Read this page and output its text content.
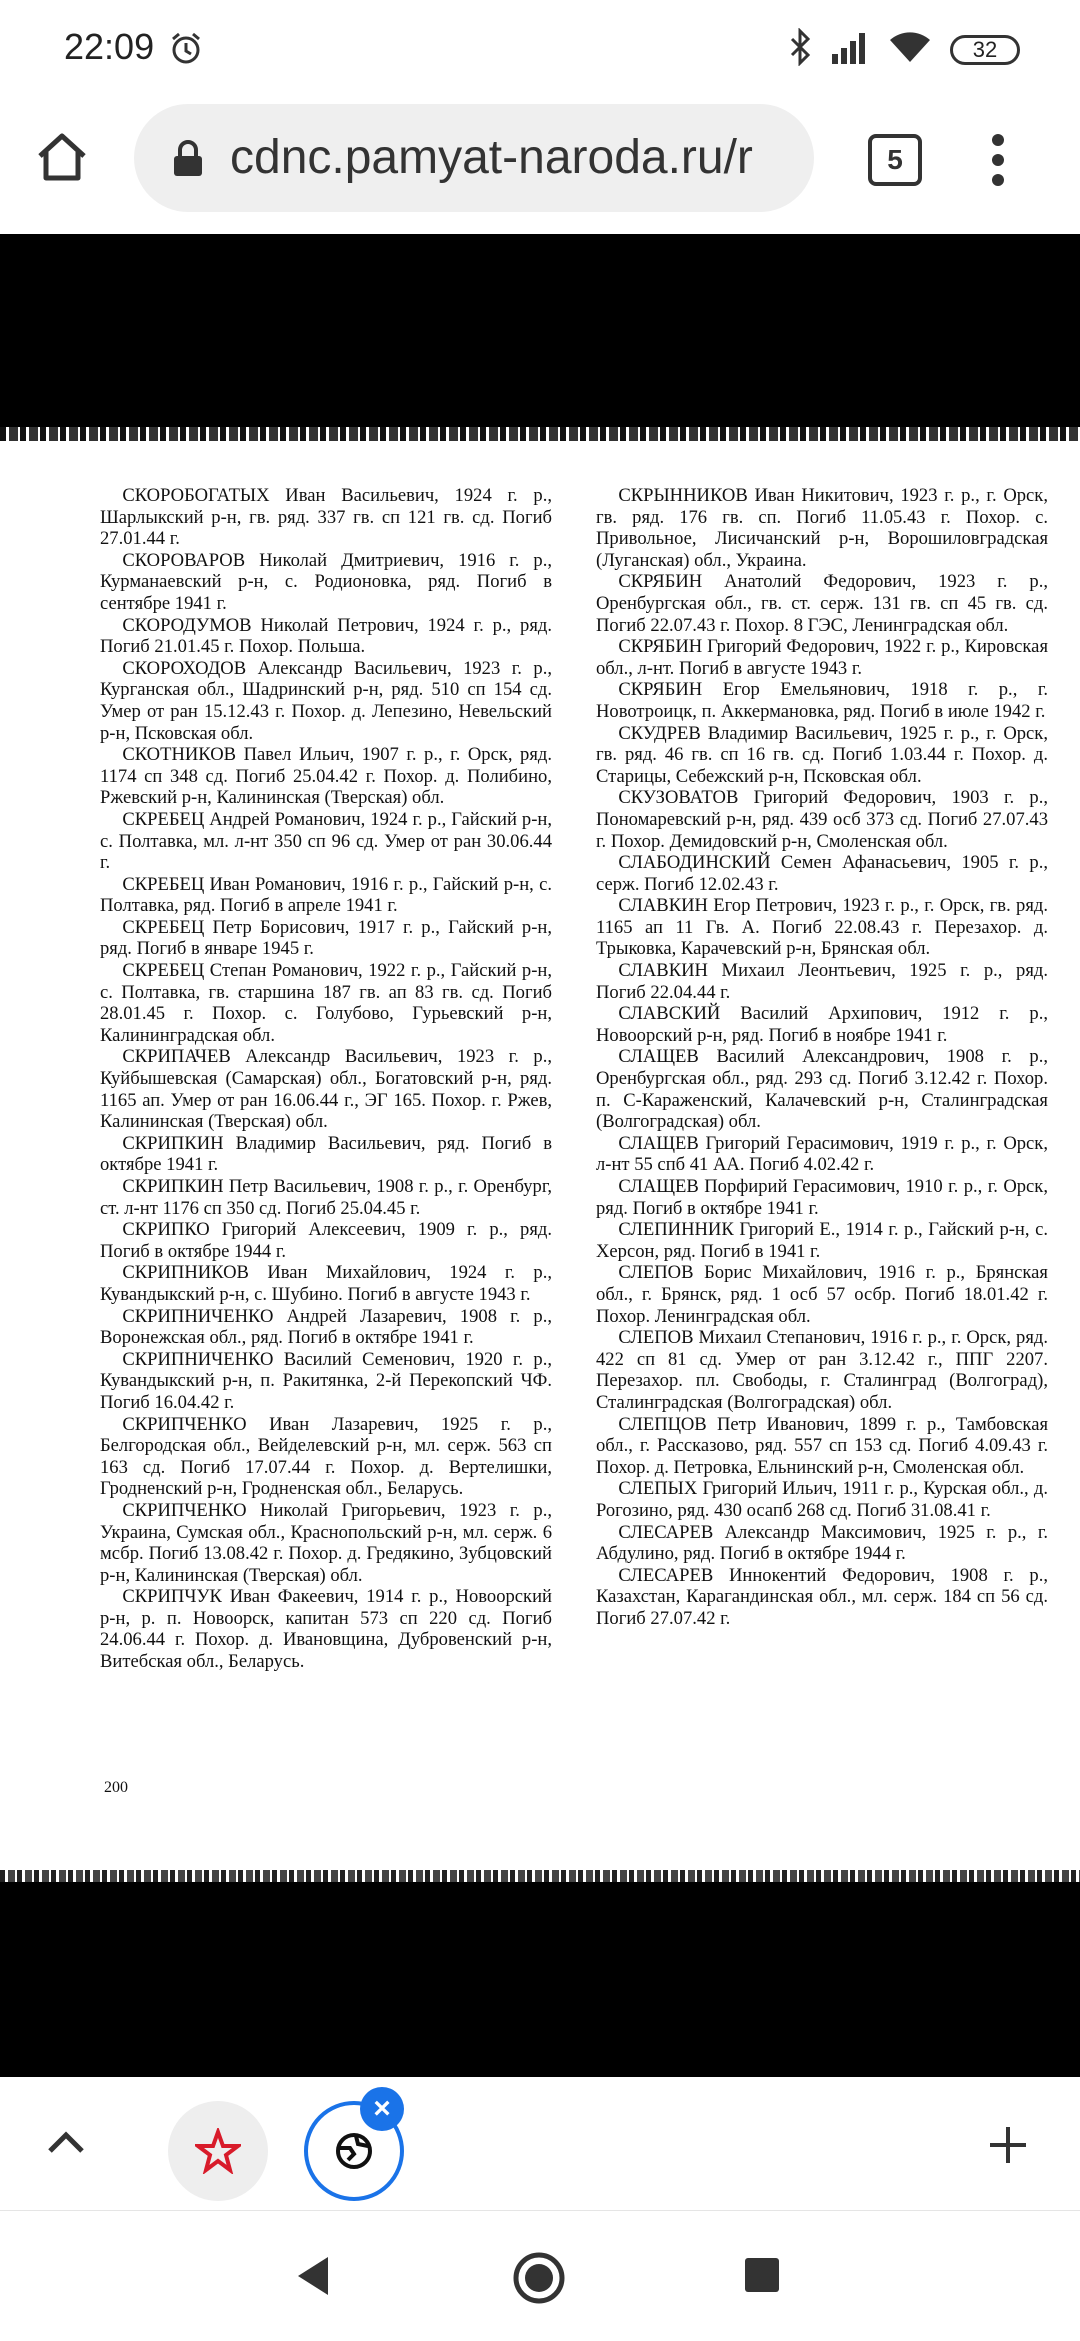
22:09	32
cdnc.pamyat-naroda.ru/r	5

СКОРОБОГАТЫХ Иван Васильевич, 1924 г. р., Шарлыкский р-н, гв. ряд. 337 гв. сп 121 гв. сд. Погиб 27.01.44 г.

СКОРОВАРОВ Николай Дмитриевич, 1916 г. р., Курманаевский р-н, с. Родионовка, ряд. Погиб в сентябре 1941 г.

СКОРОДУМОВ Николай Петрович, 1924 г. р., ряд. Погиб 21.01.45 г. Похор. Польша.

СКОРОХОДОВ Александр Васильевич, 1923 г. р., Курганская обл., Шадринский р-н, ряд. 510 сп 154 сд. Умер от ран 15.12.43 г. Похор. д. Лепезино, Невельский р-н, Псковская обл.

СКОТНИКОВ Павел Ильич, 1907 г. р., г. Орск, ряд. 1174 сп 348 сд. Погиб 25.04.42 г. Похор. д. Полибино, Ржевский р-н, Калининская (Тверская) обл.

СКРЕБЕЦ Андрей Романович, 1924 г. р., Гайский р-н, с. Полтавка, мл. л-нт 350 сп 96 сд. Умер от ран 30.06.44 г.

СКРЕБЕЦ Иван Романович, 1916 г. р., Гайский р-н, с. Полтавка, ряд. Погиб в апреле 1941 г.

СКРЕБЕЦ Петр Борисович, 1917 г. р., Гайский р-н, ряд. Погиб в январе 1945 г.

СКРЕБЕЦ Степан Романович, 1922 г. р., Гайский р-н, с. Полтавка, гв. старшина 187 гв. ап 83 гв. сд. Погиб 28.01.45 г. Похор. с. Голубово, Гурьевский р-н, Калининградская обл.

СКРИПАЧЕВ Александр Васильевич, 1923 г. р., Куйбышевская (Самарская) обл., Богатовский р-н, ряд. 1165 ап. Умер от ран 16.06.44 г., ЭГ 165. Похор. г. Ржев, Калининская (Тверская) обл.

СКРИПКИН Владимир Васильевич, ряд. Погиб в октябре 1941 г.

СКРИПКИН Петр Васильевич, 1908 г. р., г. Оренбург, ст. л-нт 1176 сп 350 сд. Погиб 25.04.45 г.

СКРИПКО Григорий Алексеевич, 1909 г. р., ряд. Погиб в октябре 1944 г.

СКРИПНИКОВ Иван Михайлович, 1924 г. р., Кувандыкский р-н, с. Шубино. Погиб в августе 1943 г.

СКРИПНИЧЕНКО Андрей Лазаревич, 1908 г. р., Воронежская обл., ряд. Погиб в октябре 1941 г.

СКРИПНИЧЕНКО Василий Семенович, 1920 г. р., Кувандыкский р-н, п. Ракитянка, 2-й Перекопский ЧФ. Погиб 16.04.42 г.

СКРИПЧЕНКО Иван Лазаревич, 1925 г. р., Белгородская обл., Вейделевский р-н, мл. серж. 563 сп 163 сд. Погиб 17.07.44 г. Похор. д. Вертелишки, Гродненский р-н, Гродненская обл., Беларусь.

СКРИПЧЕНКО Николай Григорьевич, 1923 г. р., Украина, Сумская обл., Краснопольский р-н, мл. серж. 6 мсбр. Погиб 13.08.42 г. Похор. д. Гредякино, Зубцовский р-н, Калининская (Тверская) обл.

СКРИПЧУК Иван Факеевич, 1914 г. р., Новоорский р-н, р. п. Новоорск, капитан 573 сп 220 сд. Погиб 24.06.44 г. Похор. д. Ивановщина, Дубровенский р-н, Витебская обл., Беларусь.

СКРЫННИКОВ Иван Никитович, 1923 г. р., г. Орск, гв. ряд. 176 гв. сп. Погиб 11.05.43 г. Похор. с. Привольное, Лисичанский р-н, Ворошиловградская (Луганская) обл., Украина.

СКРЯБИН Анатолий Федорович, 1923 г. р., Оренбургская обл., гв. ст. серж. 131 гв. сп 45 гв. сд. Погиб 22.07.43 г. Похор. 8 ГЭС, Ленинградская обл.

СКРЯБИН Григорий Федорович, 1922 г. р., Кировская обл., л-нт. Погиб в августе 1943 г.

СКРЯБИН Егор Емельянович, 1918 г. р., г. Новотроицк, п. Аккермановка, ряд. Погиб в июле 1942 г.

СКУДРЕВ Владимир Васильевич, 1925 г. р., г. Орск, гв. ряд. 46 гв. сп 16 гв. сд. Погиб 1.03.44 г. Похор. д. Старицы, Себежский р-н, Псковская обл.

СКУЗОВАТОВ Григорий Федорович, 1903 г. р., Пономаревский р-н, ряд. 439 осб 373 сд. Погиб 27.07.43 г. Похор. Демидовский р-н, Смоленская обл.

СЛАБОДИНСКИЙ Семен Афанасьевич, 1905 г. р., серж. Погиб 12.02.43 г.

СЛАВКИН Егор Петрович, 1923 г. р., г. Орск, гв. ряд. 1165 ап 11 Гв. А. Погиб 22.08.43 г. Перезахор. д. Трыковка, Карачевский р-н, Брянская обл.

СЛАВКИН Михаил Леонтьевич, 1925 г. р., ряд. Погиб 22.04.44 г.

СЛАВСКИЙ Василий Архипович, 1912 г. р., Новоорский р-н, ряд. Погиб в ноябре 1941 г.

СЛАЩЕВ Василий Александрович, 1908 г. р., Оренбургская обл., ряд. 293 сд. Погиб 3.12.42 г. Похор. п. С-Караженский, Калачевский р-н, Сталинградская (Волгоградская) обл.

СЛАЩЕВ Григорий Герасимович, 1919 г. р., г. Орск, л-нт 55 спб 41 АА. Погиб 4.02.42 г.

СЛАЩЕВ Порфирий Герасимович, 1910 г. р., г. Орск, ряд. Погиб в октябре 1941 г.

СЛЕПИННИК Григорий Е., 1914 г. р., Гайский р-н, с. Херсон, ряд. Погиб в 1941 г.

СЛЕПОВ Борис Михайлович, 1916 г. р., Брянская обл., г. Брянск, ряд. 1 осб 57 осбр. Погиб 18.01.42 г. Похор. Ленинградская обл.

СЛЕПОВ Михаил Степанович, 1916 г. р., г. Орск, ряд. 422 сп 81 сд. Умер от ран 3.12.42 г., ППГ 2207. Перезахор. пл. Свободы, г. Сталинград (Волгоград), Сталинградская (Волгоградская) обл.

СЛЕПЦОВ Петр Иванович, 1899 г. р., Тамбовская обл., г. Рассказово, ряд. 557 сп 153 сд. Погиб 4.09.43 г. Похор. д. Петровка, Ельнинский р-н, Смоленская обл.

СЛЕПЫХ Григорий Ильич, 1911 г. р., Курская обл., д. Рогозино, ряд. 430 осапб 268 сд. Погиб 31.08.41 г.

СЛЕСАРЕВ Александр Максимович, 1925 г. р., г. Абдулино, ряд. Погиб в октябре 1944 г.

СЛЕСАРЕВ Иннокентий Федорович, 1908 г. р., Казахстан, Карагандинская обл., мл. серж. 184 сп 56 сд. Погиб 27.07.42 г.

200
×
